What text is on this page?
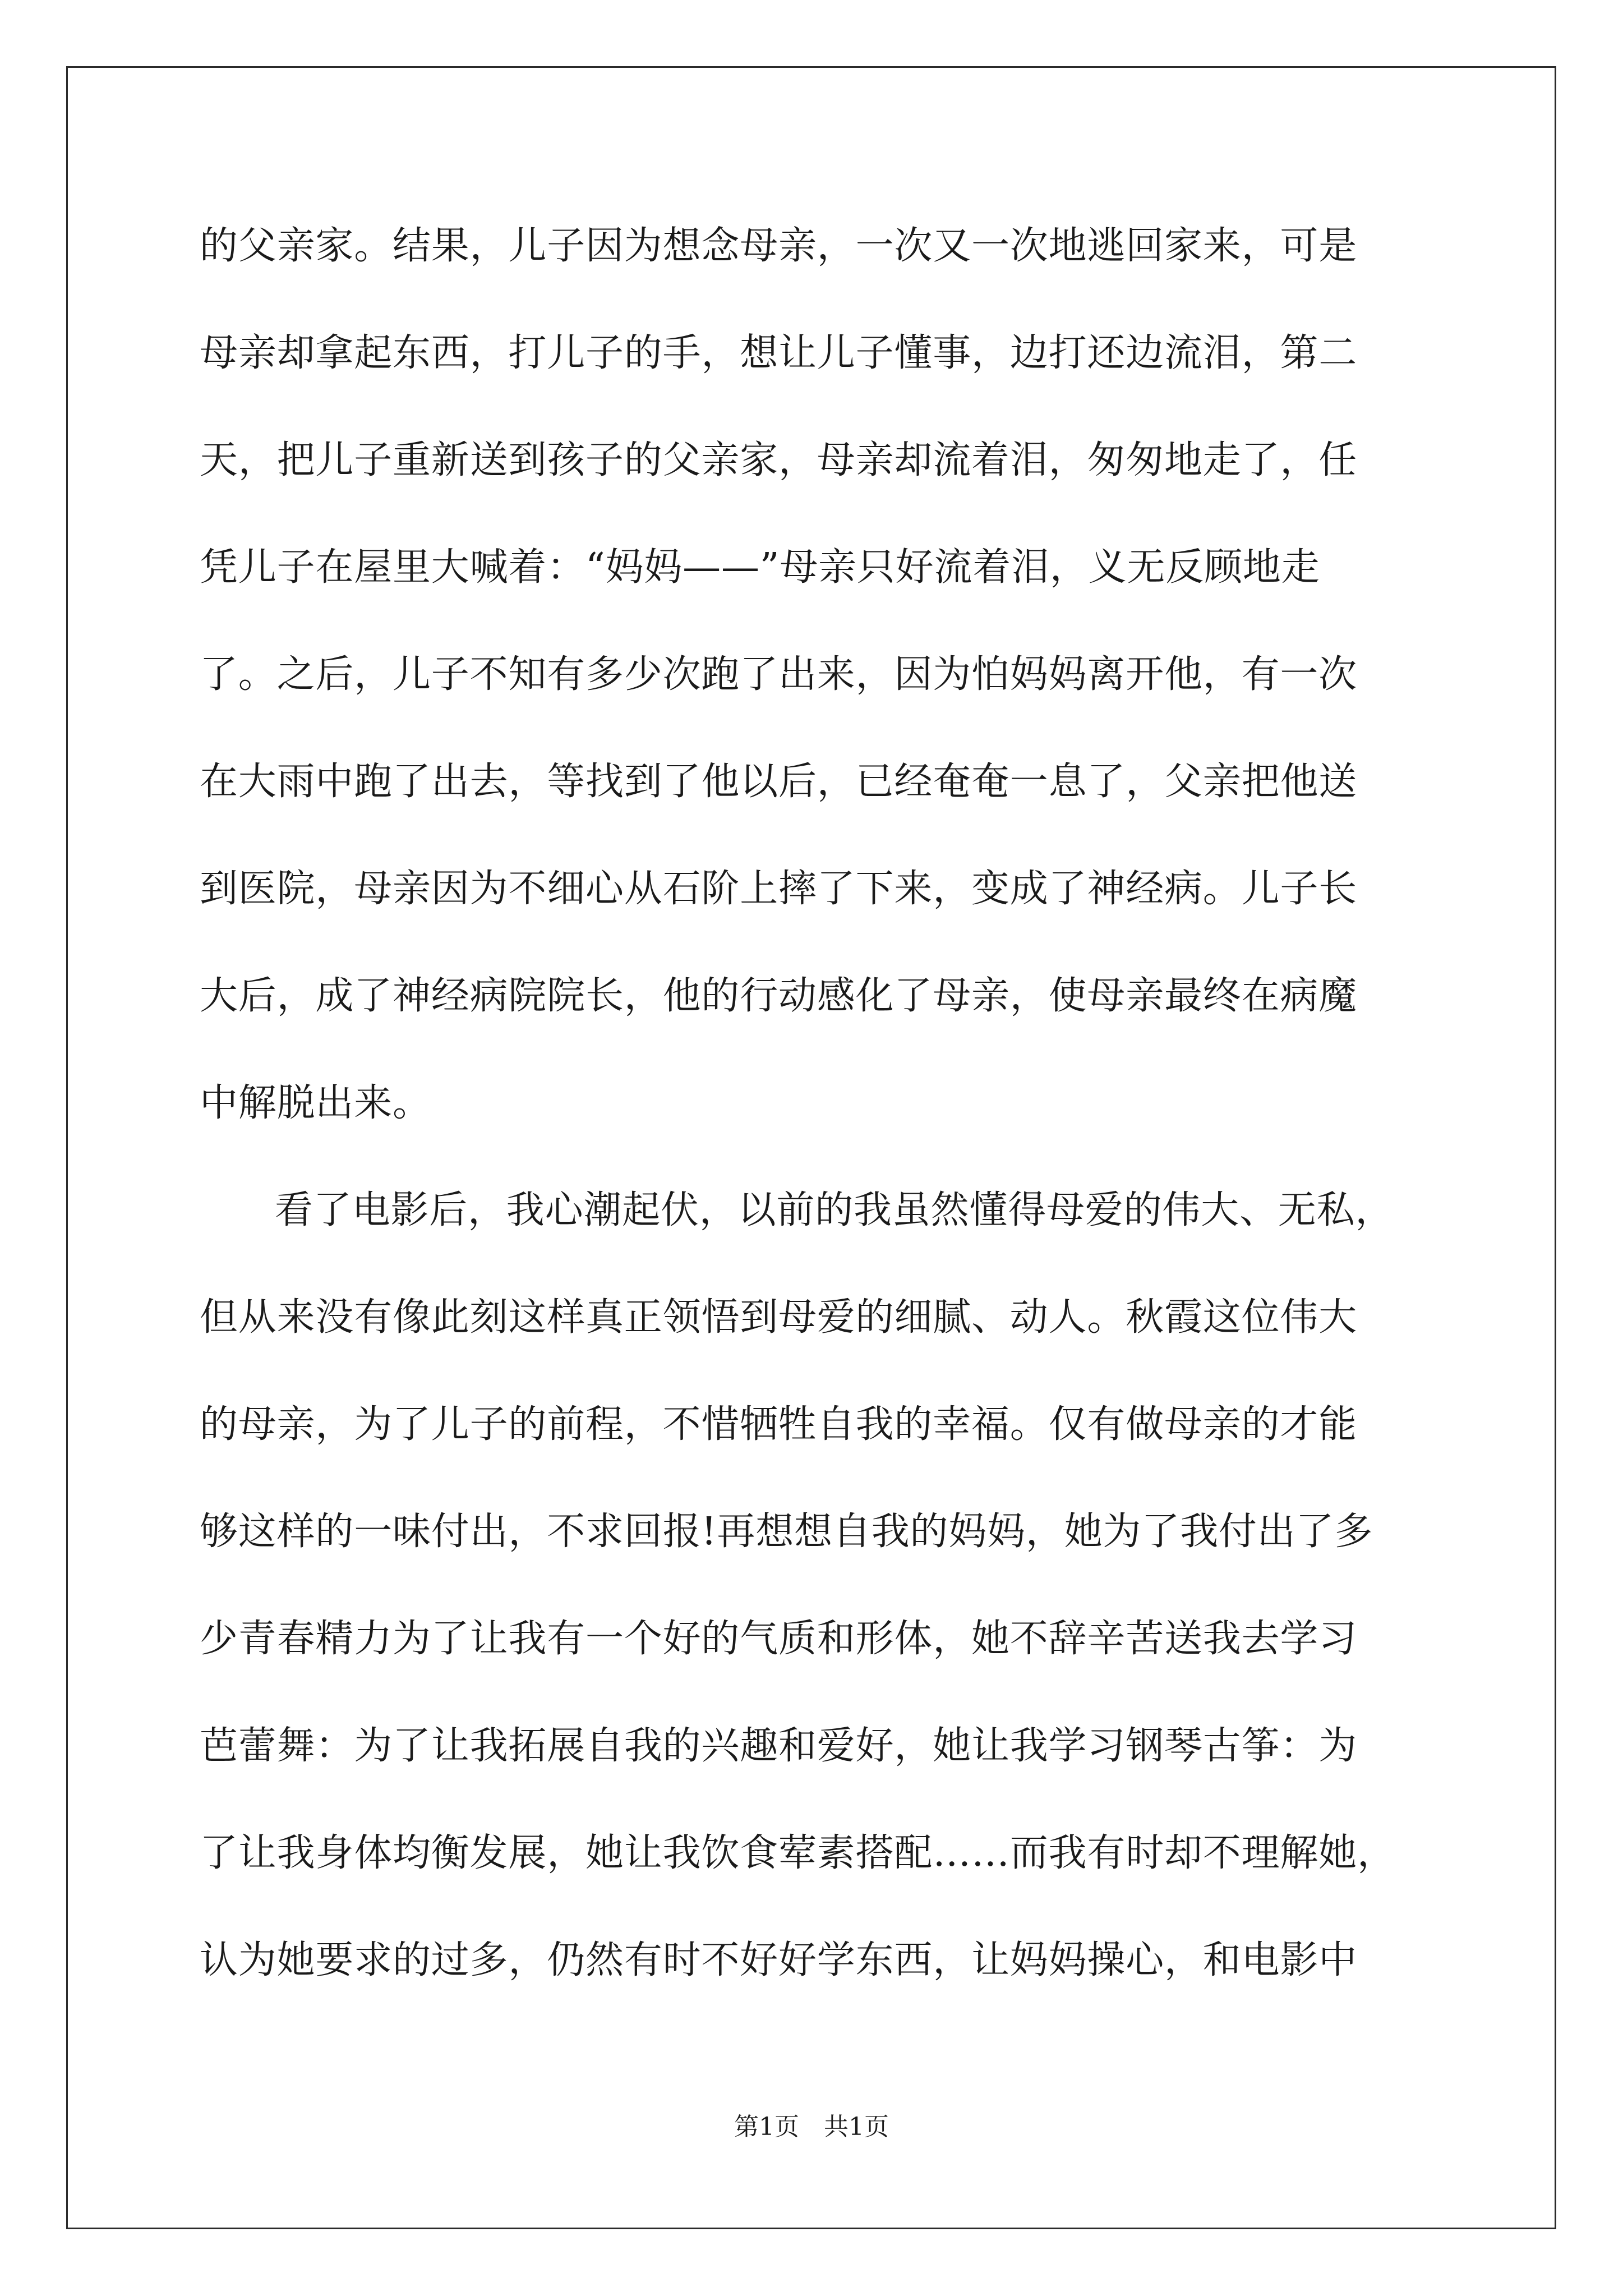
的父亲家。结果，儿子因为想念母亲，一次又一次地逃回家来，可是
母亲却拿起东西，打儿子的手，想让儿子懂事，边打还边流泪，第二
天，把儿子重新送到孩子的父亲家，母亲却流着泪，匆匆地走了，任
凭儿子在屋里大喊着：“妈妈——”母亲只好流着泪，义无反顾地走
了。之后，儿子不知有多少次跑了出来，因为怕妈妈离开他，有一次
在大雨中跑了出去，等找到了他以后，已经奄奄一息了，父亲把他送
到医院，母亲因为不细心从石阶上摔了下来，变成了神经病。儿子长
大后，成了神经病院院长，他的行动感化了母亲，使母亲最终在病魔
中解脱出来。
看了电影后，我心潮起伏，以前的我虽然懂得母爱的伟大、无私，
但从来没有像此刻这样真正领悟到母爱的细腻、动人。秋霞这位伟大
的母亲，为了儿子的前程，不惜牺牲自我的幸福。仅有做母亲的才能
够这样的一味付出，不求回报!再想想自我的妈妈，她为了我付出了多
少青春精力为了让我有一个好的气质和形体，她不辞辛苦送我去学习
芭蕾舞：为了让我拓展自我的兴趣和爱好，她让我学习钢琴古筝：为
了让我身体均衡发展，她让我饮食荤素搭配……而我有时却不理解她，
认为她要求的过多，仍然有时不好好学东西，让妈妈操心，和电影中
第1页　共1页
